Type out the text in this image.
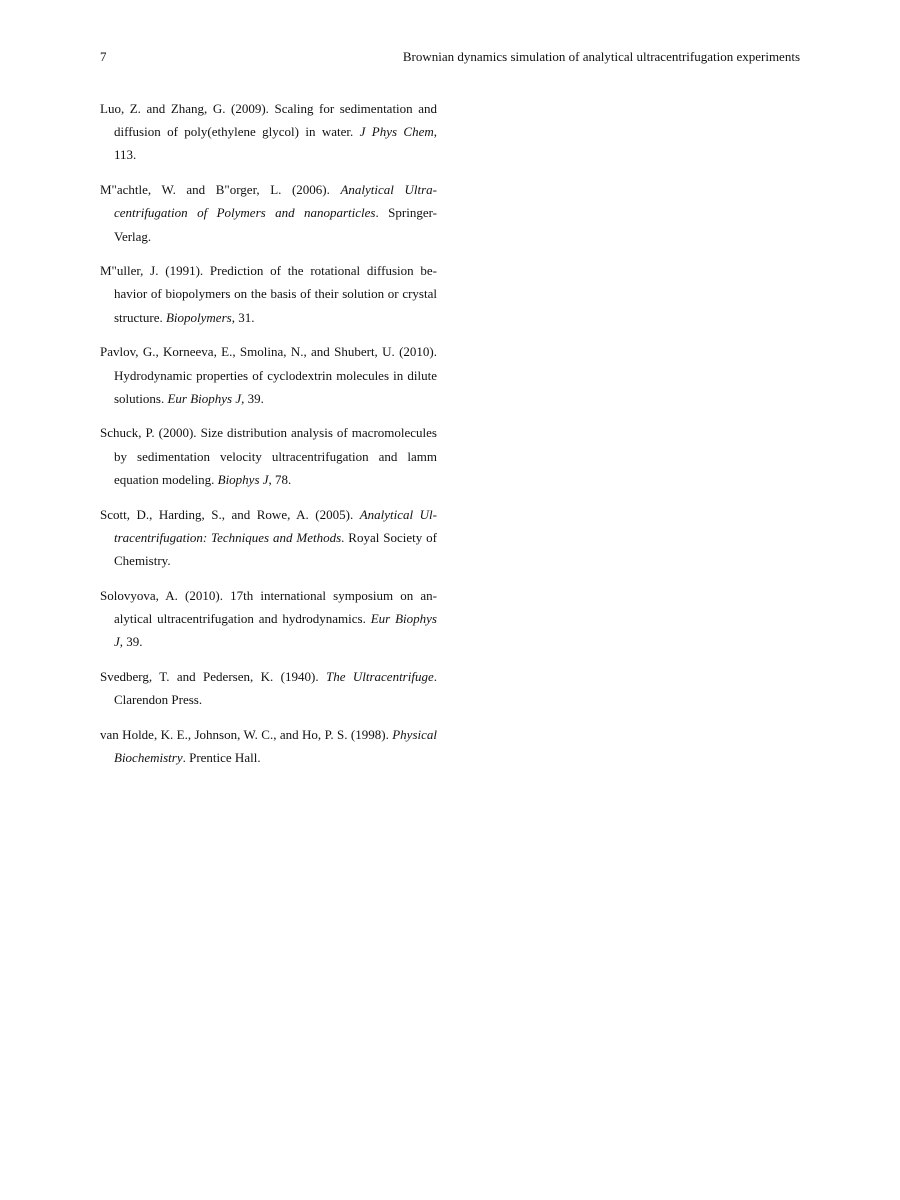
7	Brownian dynamics simulation of analytical ultracentrifugation experiments

Luo, Z. and Zhang, G. (2009). Scaling for sedimentation and diffusion of poly(ethylene glycol) in water. J Phys Chem, 113.

M"achtle, W. and B"orger, L. (2006). Analytical Ultracentrifugation of Polymers and nanoparticles. Springer-Verlag.

M"uller, J. (1991). Prediction of the rotational diffusion behavior of biopolymers on the basis of their solution or crystal structure. Biopolymers, 31.

Pavlov, G., Korneeva, E., Smolina, N., and Shubert, U. (2010). Hydrodynamic properties of cyclodextrin molecules in dilute solutions. Eur Biophys J, 39.

Schuck, P. (2000). Size distribution analysis of macromolecules by sedimentation velocity ultracentrifugation and lamm equation modeling. Biophys J, 78.

Scott, D., Harding, S., and Rowe, A. (2005). Analytical Ultracentrifugation: Techniques and Methods. Royal Society of Chemistry.

Solovyova, A. (2010). 17th international symposium on analytical ultracentrifugation and hydrodynamics. Eur Biophys J, 39.

Svedberg, T. and Pedersen, K. (1940). The Ultracentrifuge. Clarendon Press.

van Holde, K. E., Johnson, W. C., and Ho, P. S. (1998). Physical Biochemistry. Prentice Hall.
